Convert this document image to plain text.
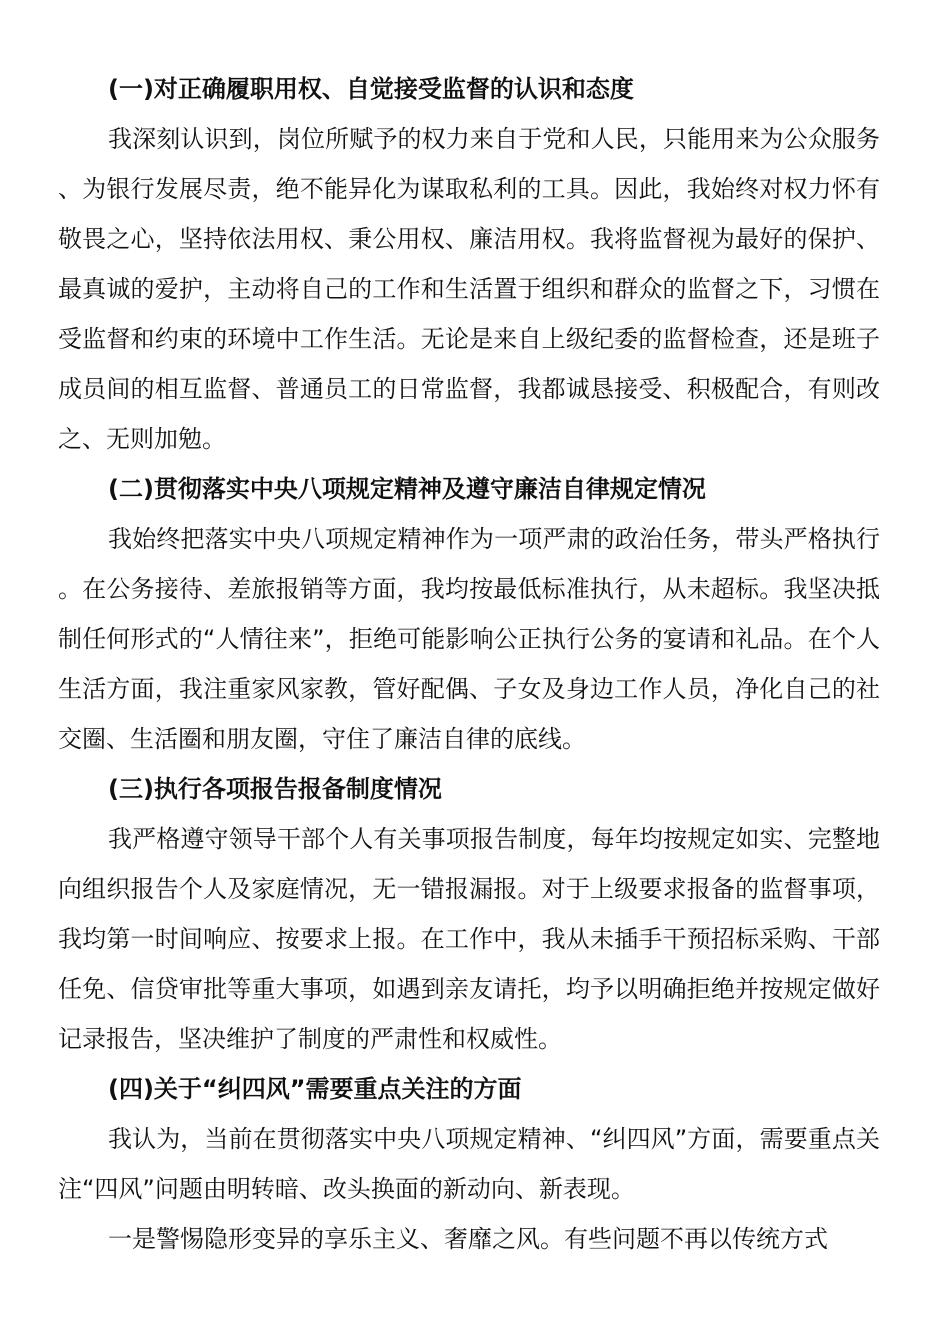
(一)对正确履职用权、自觉接受监督的认识和态度

我深刻认识到，岗位所赋予的权力来自于党和人民，只能用来为公众服务、为银行发展尽责，绝不能异化为谋取私利的工具。因此，我始终对权力怀有敬畏之心，坚持依法用权、秉公用权、廉洁用权。我将监督视为最好的保护、最真诚的爱护，主动将自己的工作和生活置于组织和群众的监督之下，习惯在受监督和约束的环境中工作生活。无论是来自上级纪委的监督检查，还是班子成员间的相互监督、普通员工的日常监督，我都诚恳接受、积极配合，有则改之、无则加勉。

(二)贯彻落实中央八项规定精神及遵守廉洁自律规定情况

我始终把落实中央八项规定精神作为一项严肃的政治任务，带头严格执行。在公务接待、差旅报销等方面，我均按最低标准执行，从未超标。我坚决抵制任何形式的“人情往来”，拒绝可能影响公正执行公务的宴请和礼品。在个人生活方面，我注重家风家教，管好配偶、子女及身边工作人员，净化自己的社交圈、生活圈和朋友圈，守住了廉洁自律的底线。

(三)执行各项报告报备制度情况

我严格遵守领导干部个人有关事项报告制度，每年均按规定如实、完整地向组织报告个人及家庭情况，无一错报漏报。对于上级要求报备的监督事项，我均第一时间响应、按要求上报。在工作中，我从未插手干预招标采购、干部任免、信贷审批等重大事项，如遇到亲友请托，均予以明确拒绝并按规定做好记录报告，坚决维护了制度的严肃性和权威性。

(四)关于“纠四风”需要重点关注的方面

我认为，当前在贯彻落实中央八项规定精神、“纠四风”方面，需要重点关注“四风”问题由明转暗、改头换面的新动向、新表现。

一是警惕隐形变异的享乐主义、奢靡之风。有些问题不再以传统方式
